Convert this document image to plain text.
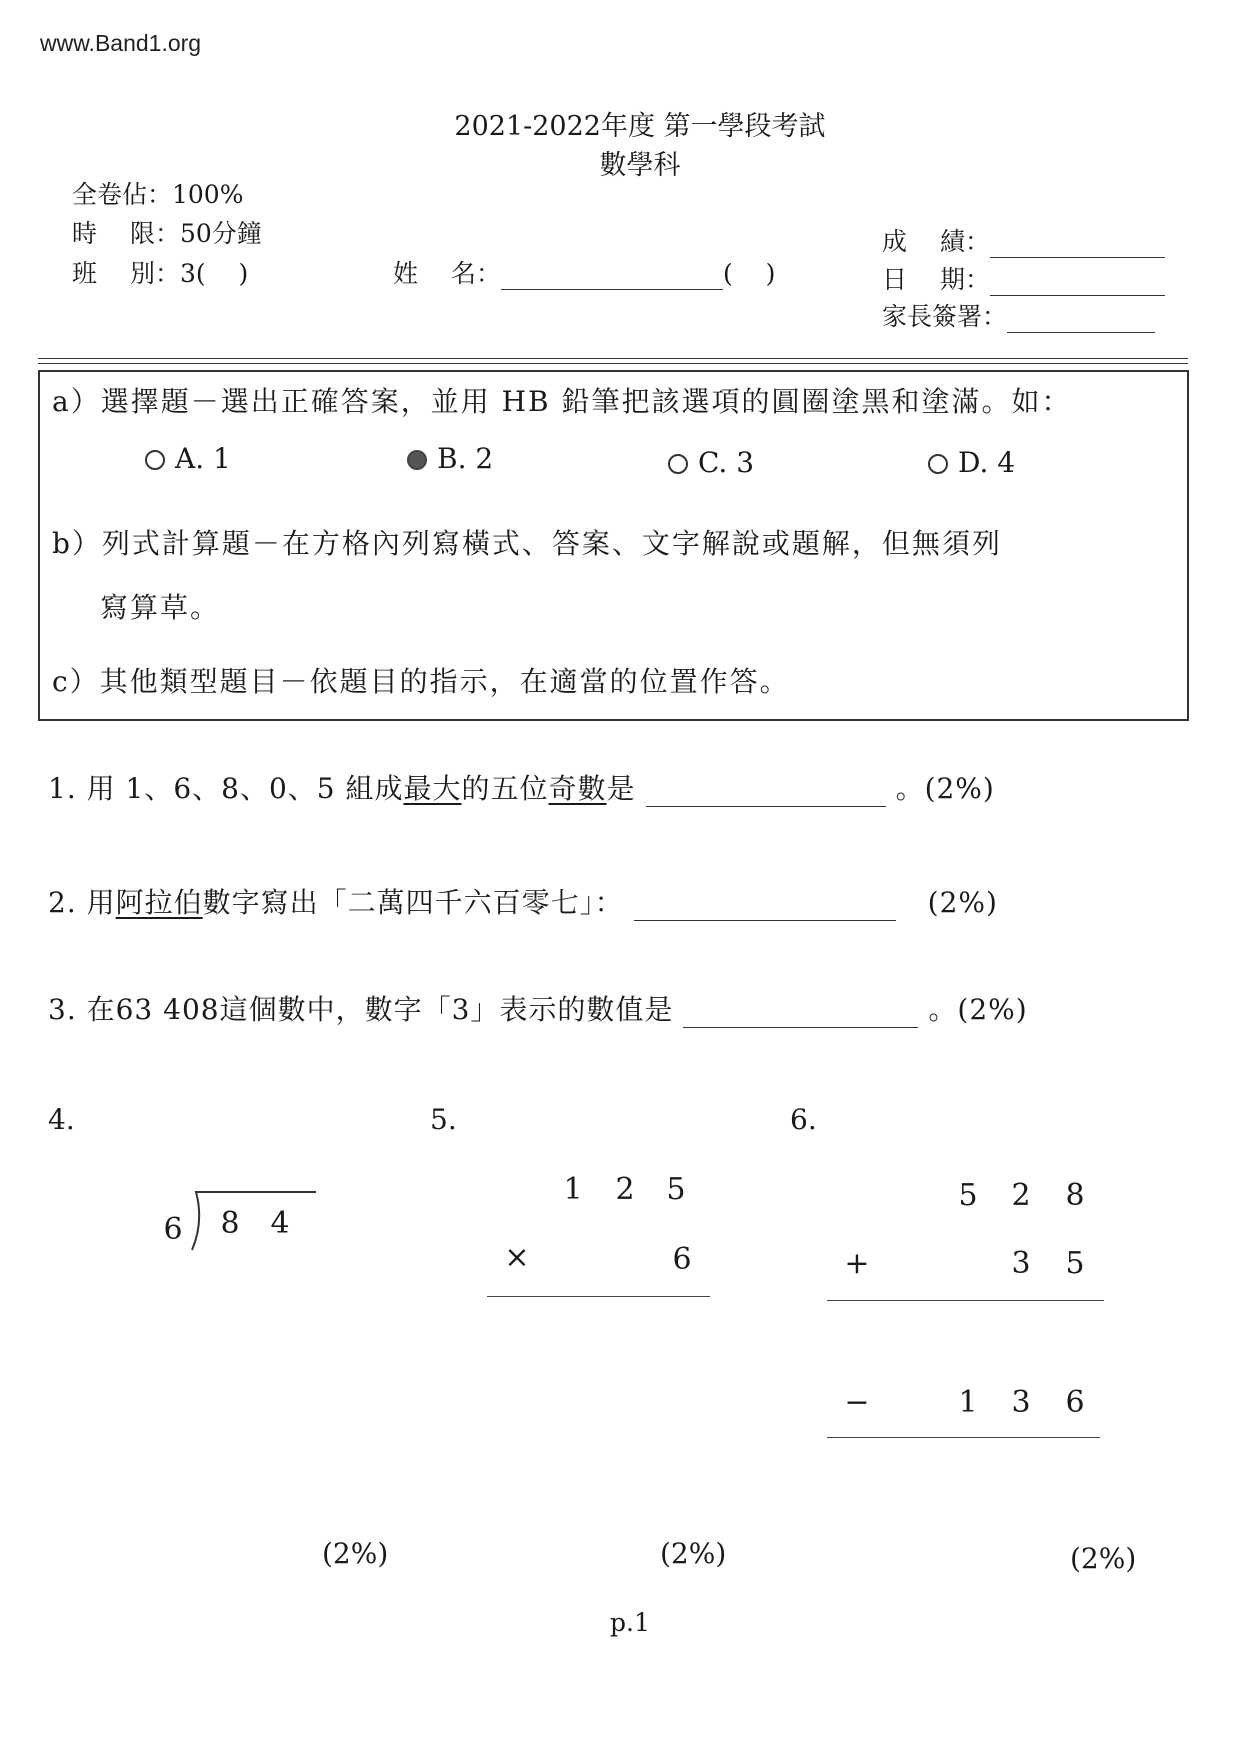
www.Band1.org
2021-2022年度 第一學段考試
數學科
全卷佔：100%
時　 限：50分鐘
班　 別：3(　 )	姓　 名：	(　 )
成　 績：
日　 期：
家長簽署：
a）選擇題－選出正確答案，並用 HB 鉛筆把該選項的圓圈塗黑和塗滿。如：
A. 1	B. 2	C. 3	D. 4
b）列式計算題－在方格內列寫橫式、答案、文字解說或題解，但無須列
寫算草。
c）其他類型題目－依題目的指示，在適當的位置作答。
1. 用 1、6、8、0、5 組成最大的五位奇數是	。(2%)
2. 用阿拉伯數字寫出「二萬四千六百零七」：	(2%)
3. 在63 408這個數中，數字「3」表示的數值是	。(2%)
4.
6 8 4
(2%)
5.
1 2 5
×	6
(2%)
6.
5 2 8
+	3 5
−	1 3 6
(2%)
p.1
